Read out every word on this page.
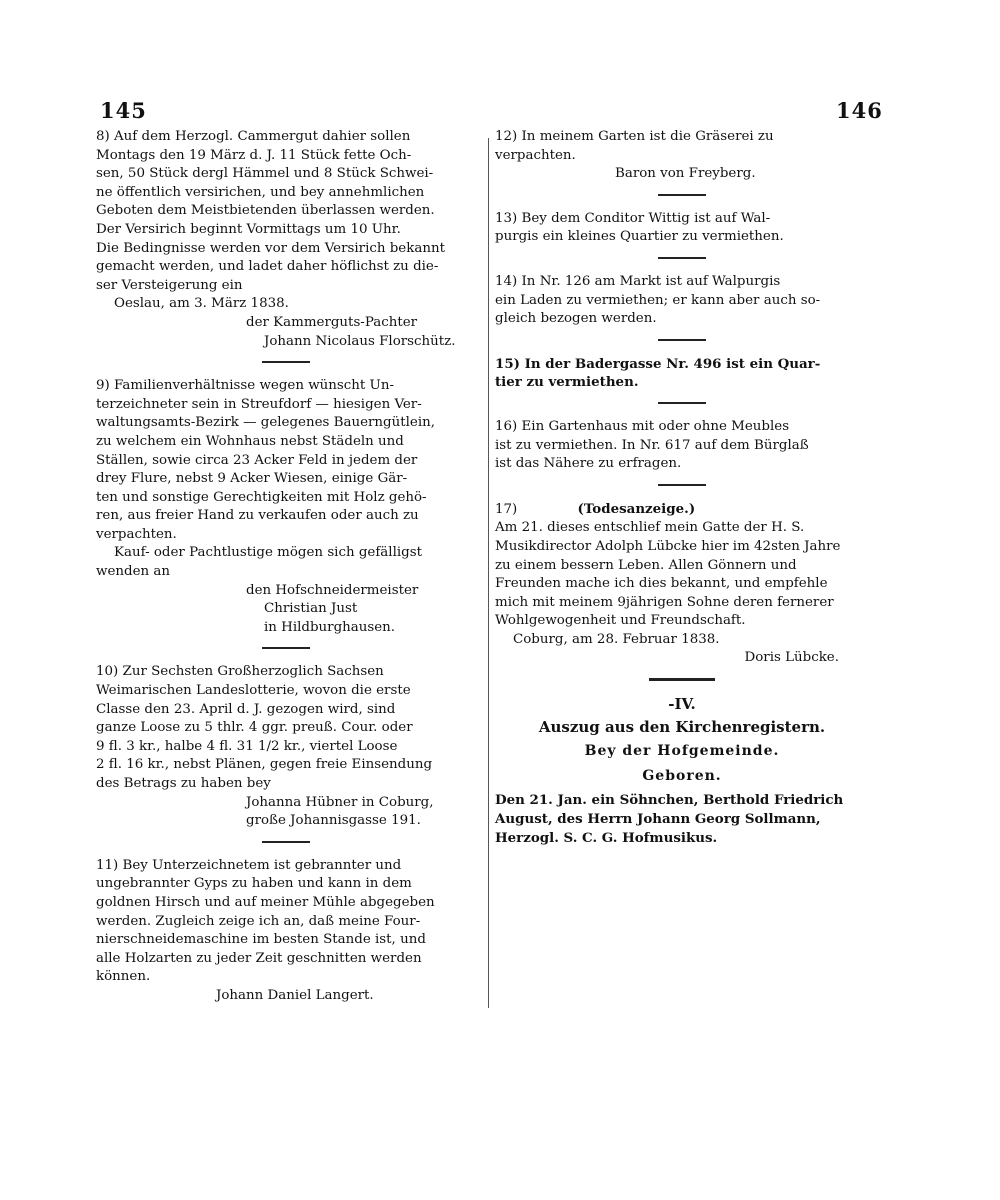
145	146

8) Auf dem Herzogl. Cammergut dahier sollen
Montags den 19 März d. J. 11 Stück fette Och-
sen, 50 Stück dergl Hämmel und 8 Stück Schwei-
ne öffentlich versirichen, und bey annehmlichen
Geboten dem Meistbietenden überlassen werden.
Der Versirich beginnt Vormittags um 10 Uhr.
Die Bedingnisse werden vor dem Versirich bekannt
gemacht werden, und ladet daher höflichst zu die-
ser Versteigerung ein

Oeslau, am 3. März 1838.
der Kammerguts-Pachter
Johann Nicolaus Florschütz.

9) Familienverhältnisse wegen wünscht Un-
terzeichneter sein in Streufdorf — hiesigen Ver-
waltungsamts-Bezirk — gelegenes Bauerngütlein,
zu welchem ein Wohnhaus nebst Städeln und
Ställen, sowie circa 23 Acker Feld in jedem der
drey Flure, nebst 9 Acker Wiesen, einige Gär-
ten und sonstige Gerechtigkeiten mit Holz gehö-
ren, aus freier Hand zu verkaufen oder auch zu
verpachten.

Kauf- oder Pachtlustige mögen sich gefälligst
wenden an
den Hofschneidermeister
Christian Just
in Hildburghausen.

10) Zur Sechsten Großherzoglich Sachsen
Weimarischen Landeslotterie, wovon die erste
Classe den 23. April d. J. gezogen wird, sind
ganze Loose zu 5 thlr. 4 ggr. preuß. Cour. oder
9 fl. 3 kr., halbe 4 fl. 31 1/2 kr., viertel Loose
2 fl. 16 kr., nebst Plänen, gegen freie Einsendung
des Betrags zu haben bey

Johanna Hübner in Coburg,
große Johannisgasse 191.

11) Bey Unterzeichnetem ist gebrannter und
ungebrannter Gyps zu haben und kann in dem
goldnen Hirsch und auf meiner Mühle abgegeben
werden. Zugleich zeige ich an, daß meine Four-
nierschneidemaschine im besten Stande ist, und
alle Holzarten zu jeder Zeit geschnitten werden
können.

Johann Daniel Langert.

12) In meinem Garten ist die Gräserei zu
verpachten.

Baron von Freyberg.

13) Bey dem Conditor Wittig ist auf Wal-
purgis ein kleines Quartier zu vermiethen.

14) In Nr. 126 am Markt ist auf Walpurgis
ein Laden zu vermiethen; er kann aber auch so-
gleich bezogen werden.

15) In der Badergasse Nr. 496 ist ein Quar-
tier zu vermiethen.

16) Ein Gartenhaus mit oder ohne Meubles
ist zu vermiethen. In Nr. 617 auf dem Bürglaß
ist das Nähere zu erfragen.

17)	(Todesanzeige.)

Am 21. dieses entschlief mein Gatte der H. S.
Musikdirector Adolph Lübcke hier im 42sten Jahre
zu einem bessern Leben. Allen Gönnern und
Freunden mache ich dies bekannt, und empfehle
mich mit meinem 9jährigen Sohne deren fernerer
Wohlgewogenheit und Freundschaft.

Coburg, am 28. Februar 1838.
Doris Lübcke.
-IV.
Auszug aus den Kirchenregistern.
Bey der Hofgemeinde.
Geboren.

Den 21. Jan. ein Söhnchen, Berthold Friedrich
August, des Herrn Johann Georg Sollmann,
Herzogl. S. C. G. Hofmusikus.
